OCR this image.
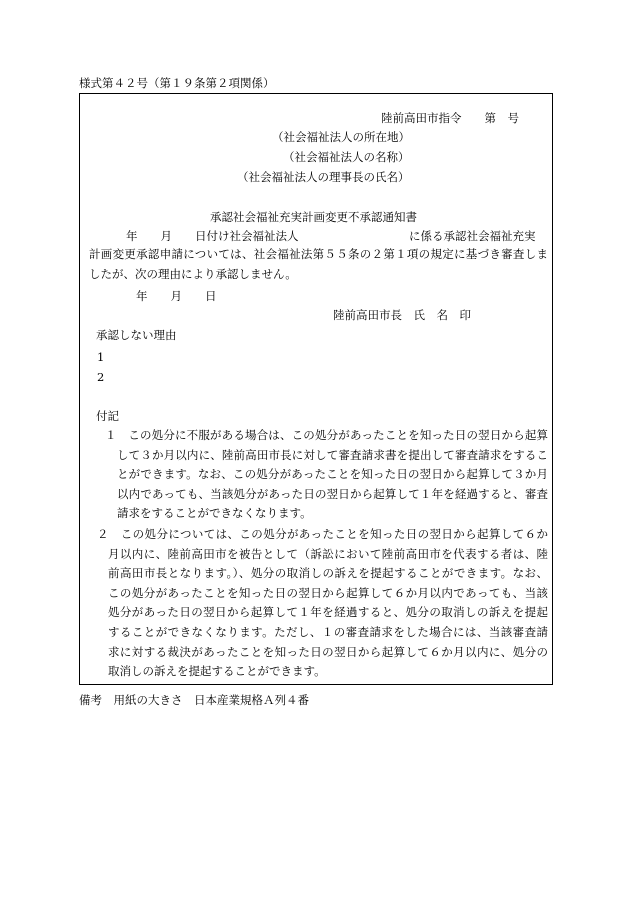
様式第４２号（第１９条第２項関係）
陸前高田市指令　　第　号
（社会福祉法人の所在地）
（社会福祉法人の名称）
（社会福祉法人の理事長の氏名）
承認社会福祉充実計画変更不承認通知書
年　　月　　日付け社会福祉法人	に係る承認社会福祉充実
計画変更承認申請については、社会福祉法第５５条の２第１項の規定に基づき審査しま
したが、次の理由により承認しません。
年　　月　　日
陸前高田市長　氏　名　印
承認しない理由
1
2
付記
１　この処分に不服がある場合は、この処分があったことを知った日の翌日から起算
して３か月以内に、陸前高田市長に対して審査請求書を提出して審査請求をするこ
とができます。なお、この処分があったことを知った日の翌日から起算して３か月
以内であっても、当該処分があった日の翌日から起算して１年を経過すると、審査
請求をすることができなくなります。
２　この処分については、この処分があったことを知った日の翌日から起算して６か
月以内に、陸前高田市を被告として（訴訟において陸前高田市を代表する者は、陸
前高田市長となります。）、処分の取消しの訴えを提起することができます。なお、
この処分があったことを知った日の翌日から起算して６か月以内であっても、当該
処分があった日の翌日から起算して１年を経過すると、処分の取消しの訴えを提起
することができなくなります。ただし、１の審査請求をした場合には、当該審査請
求に対する裁決があったことを知った日の翌日から起算して６か月以内に、処分の
取消しの訴えを提起することができます。
備考　用紙の大きさ　日本産業規格Ａ列４番
